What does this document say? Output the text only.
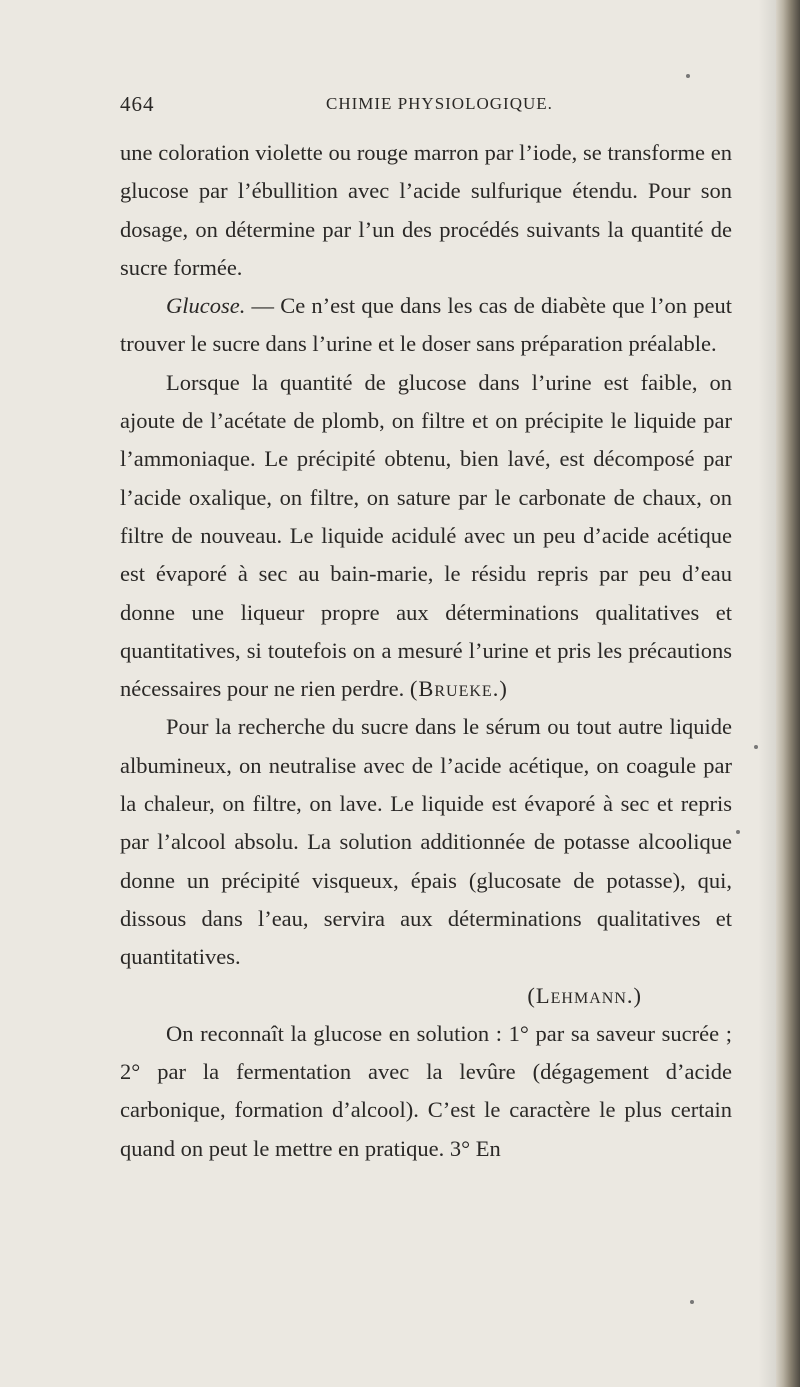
464	CHIMIE PHYSIOLOGIQUE.

une coloration violette ou rouge marron par l’iode, se transforme en glucose par l’ébullition avec l’acide sulfurique étendu. Pour son dosage, on détermine par l’un des procédés suivants la quantité de sucre formée.

Glucose. — Ce n’est que dans les cas de diabète que l’on peut trouver le sucre dans l’urine et le doser sans préparation préalable.

Lorsque la quantité de glucose dans l’urine est faible, on ajoute de l’acétate de plomb, on filtre et on précipite le liquide par l’ammoniaque. Le précipité obtenu, bien lavé, est décomposé par l’acide oxalique, on filtre, on sature par le carbonate de chaux, on filtre de nouveau. Le liquide acidulé avec un peu d’acide acétique est évaporé à sec au bain-marie, le résidu repris par peu d’eau donne une liqueur propre aux déterminations qualitatives et quantitatives, si toutefois on a mesuré l’urine et pris les précautions nécessaires pour ne rien perdre. (Brueke.)

Pour la recherche du sucre dans le sérum ou tout autre liquide albumineux, on neutralise avec de l’acide acétique, on coagule par la chaleur, on filtre, on lave. Le liquide est évaporé à sec et repris par l’alcool absolu. La solution additionnée de potasse alcoolique donne un précipité visqueux, épais (glucosate de potasse), qui, dissous dans l’eau, servira aux déterminations qualitatives et quantitatives.

(Lehmann.)

On reconnaît la glucose en solution : 1° par sa saveur sucrée ; 2° par la fermentation avec la levûre (dégagement d’acide carbonique, formation d’alcool). C’est le caractère le plus certain quand on peut le mettre en pratique. 3° En
